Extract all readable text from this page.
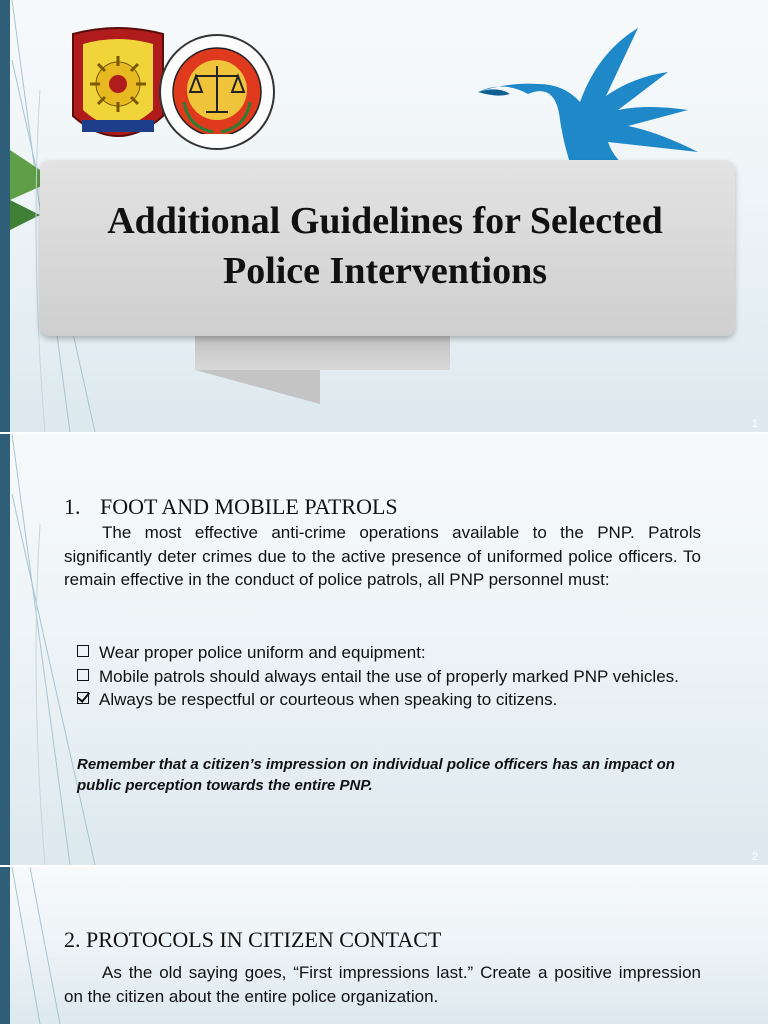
Additional Guidelines for Selected
Police Interventions
1
2
1. FOOT AND MOBILE PATROLS
The most effective anti-crime operations available to the PNP. Patrols significantly deter crimes due to the active presence of uniformed police officers. To remain effective in the conduct of police patrols, all PNP personnel must:
Wear proper police uniform and equipment:
Mobile patrols should always entail the use of properly marked PNP vehicles.
Always be respectful or courteous when speaking to citizens.
Remember that a citizen’s impression on individual police officers has an impact on public perception towards the entire PNP.
2. PROTOCOLS IN CITIZEN CONTACT
As the old saying goes, “First impressions last.” Create a positive impression on the citizen about the entire police organization.
